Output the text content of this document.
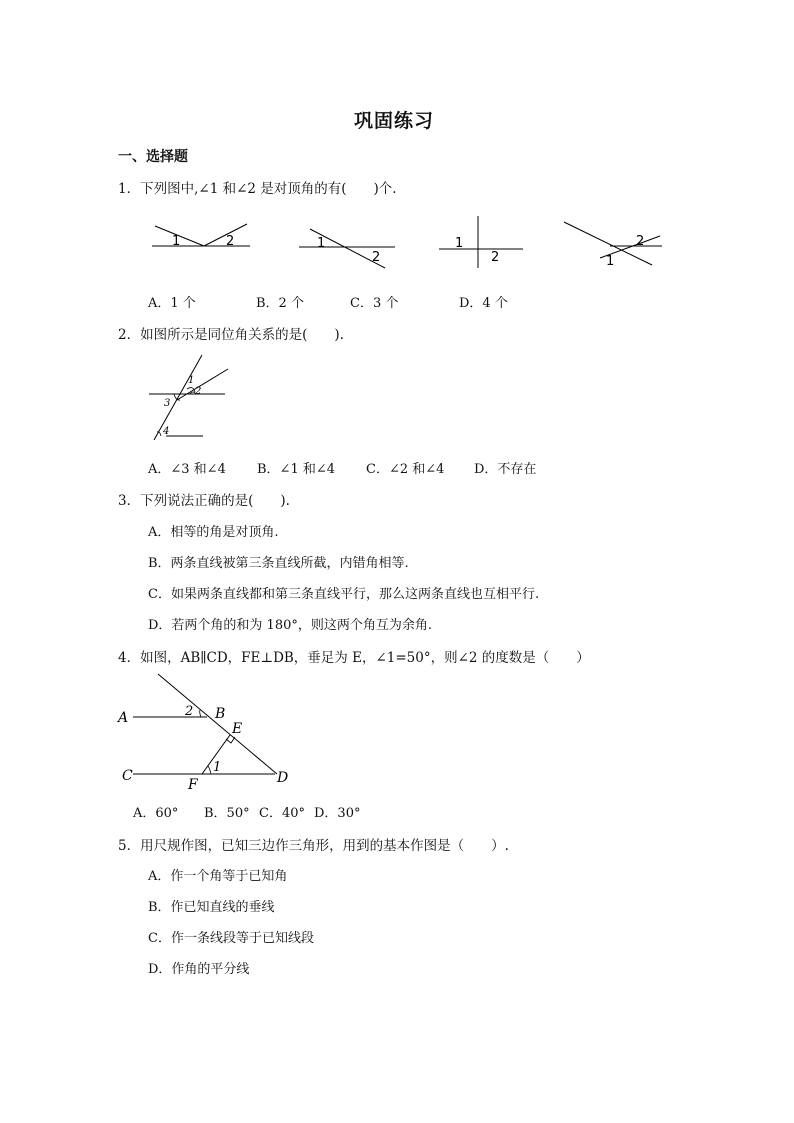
巩固练习
一、选择题
1．下列图中,∠1 和∠2 是对顶角的有(　　)个.
1	2	1
2
1
2
2
1
A．1 个	B．2 个	C．3 个	D．4 个
2．如图所示是同位角关系的是(　　).
1
2
3
4
A．∠3 和∠4 B．∠1 和∠4 C．∠2 和∠4 D．不存在
3．下列说法正确的是(　　).
A．相等的角是对顶角.
B．两条直线被第三条直线所截，内错角相等.
C．如果两条直线都和第三条直线平行，那么这两条直线也互相平行.
D．若两个角的和为 180°，则这两个角互为余角.
4．如图，AB∥CD，FE⊥DB，垂足为 E，∠1=50°，则∠2 的度数是（　　）
A	2 B
E
1
C	D
F
A．60° B．50° C．40° D．30°
5．用尺规作图，已知三边作三角形，用到的基本作图是（　　）.
A．作一个角等于已知角
B．作已知直线的垂线
C．作一条线段等于已知线段
D．作角的平分线
